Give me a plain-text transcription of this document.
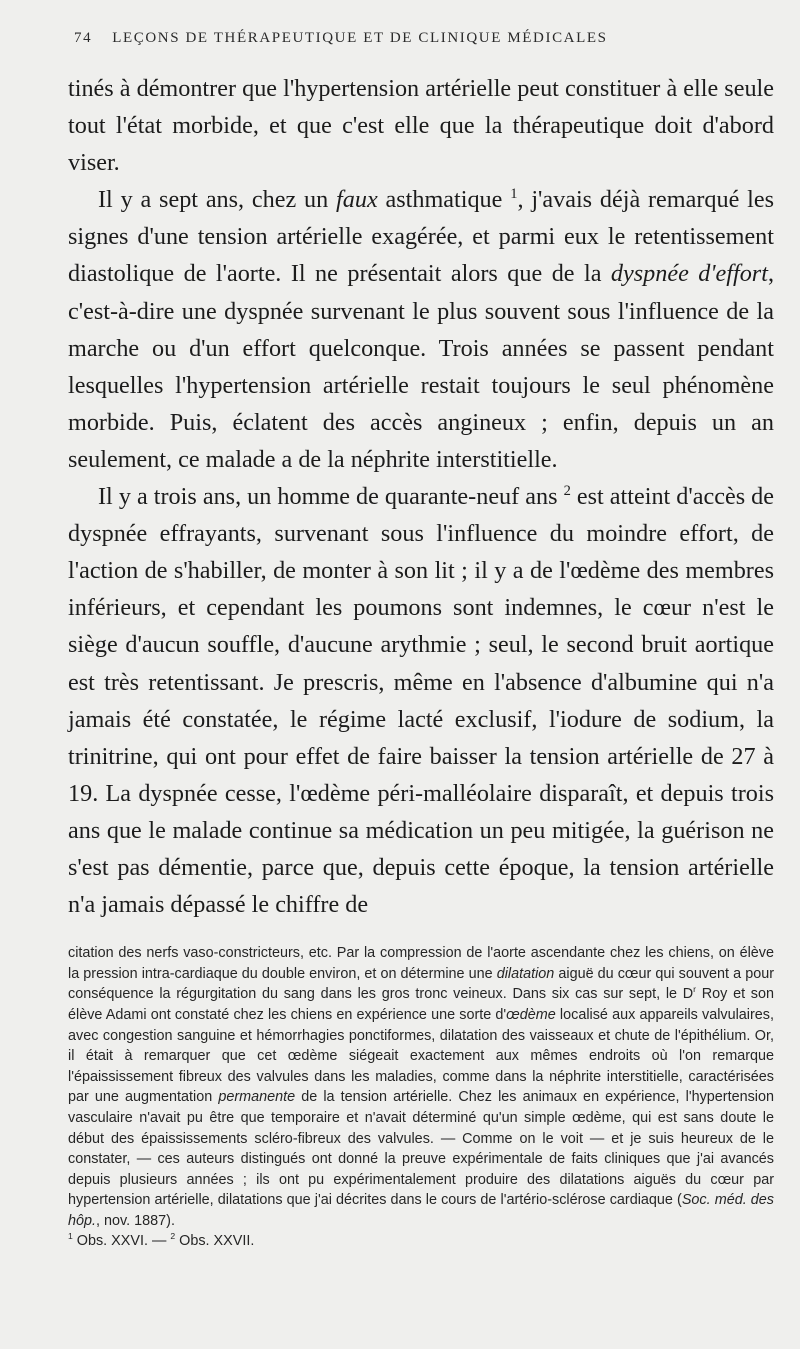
74 LEÇONS DE THÉRAPEUTIQUE ET DE CLINIQUE MÉDICALES

tinés à démontrer que l'hypertension artérielle peut constituer à elle seule tout l'état morbide, et que c'est elle que la thérapeutique doit d'abord viser.

Il y a sept ans, chez un faux asthmatique $^1$, j'avais déjà remarqué les signes d'une tension artérielle exagérée, et parmi eux le retentissement diastolique de l'aorte. Il ne présentait alors que de la dyspnée d'effort, c'est-à-dire une dyspnée survenant le plus souvent sous l'influence de la marche ou d'un effort quelconque. Trois années se passent pendant lesquelles l'hypertension artérielle restait toujours le seul phénomène morbide. Puis, éclatent des accès angineux ; enfin, depuis un an seulement, ce malade a de la néphrite interstitielle.

Il y a trois ans, un homme de quarante-neuf ans $^2$ est atteint d'accès de dyspnée effrayants, survenant sous l'influence du moindre effort, de l'action de s'habiller, de monter à son lit ; il y a de l'œdème des membres inférieurs, et cependant les poumons sont indemnes, le cœur n'est le siège d'aucun souffle, d'aucune arythmie ; seul, le second bruit aortique est très retentissant. Je prescris, même en l'absence d'albumine qui n'a jamais été constatée, le régime lacté exclusif, l'iodure de sodium, la trinitrine, qui ont pour effet de faire baisser la tension artérielle de 27 à 19. La dyspnée cesse, l'œdème péri-malléolaire disparaît, et depuis trois ans que le malade continue sa médication un peu mitigée, la guérison ne s'est pas démentie, parce que, depuis cette époque, la tension artérielle n'a jamais dépassé le chiffre de

citation des nerfs vaso-constricteurs, etc. Par la compression de l'aorte ascendante chez les chiens, on élève la pression intra-cardiaque du double environ, et on détermine une dilatation aiguë du cœur qui souvent a pour conséquence la régurgitation du sang dans les gros tronc veineux. Dans six cas sur sept, le $D^r$ Roy et son élève Adami ont constaté chez les chiens en expérience une sorte d'œdème localisé aux appareils valvulaires, avec congestion sanguine et hémorrhagies ponctiformes, dilatation des vaisseaux et chute de l'épithélium. Or, il était à remarquer que cet œdème siégeait exactement aux mêmes endroits où l'on remarque l'épaississement fibreux des valvules dans les maladies, comme dans la néphrite interstitielle, caractérisées par une augmentation permanente de la tension artérielle. Chez les animaux en expérience, l'hypertension vasculaire n'avait pu être que temporaire et n'avait déterminé qu'un simple œdème, qui est sans doute le début des épaississements scléro-fibreux des valvules. — Comme on le voit — et je suis heureux de le constater, — ces auteurs distingués ont donné la preuve expérimentale de faits cliniques que j'ai avancés depuis plusieurs années ; ils ont pu expérimentalement produire des dilatations aiguës du cœur par hypertension artérielle, dilatations que j'ai décrites dans le cours de l'artério-sclérose cardiaque (Soc. méd. des hôp., nov. 1887).

$^1$ Obs. XXVI. — $^2$ Obs. XXVII.
